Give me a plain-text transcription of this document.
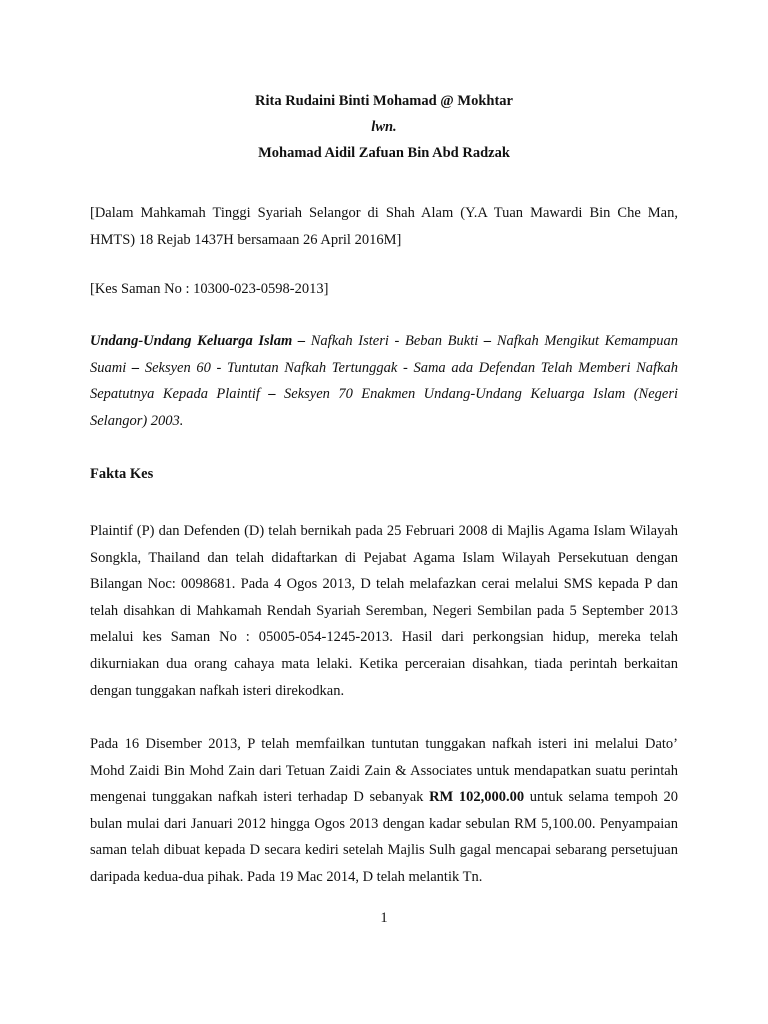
Rita Rudaini Binti Mohamad @ Mokhtar
lwn.
Mohamad Aidil Zafuan Bin Abd Radzak

[Dalam Mahkamah Tinggi Syariah Selangor di Shah Alam (Y.A Tuan Mawardi Bin Che Man, HMTS) 18 Rejab 1437H bersamaan 26 April 2016M]

[Kes Saman No : 10300-023-0598-2013]

Undang-Undang Keluarga Islam – Nafkah Isteri - Beban Bukti – Nafkah Mengikut Kemampuan Suami – Seksyen 60 - Tuntutan Nafkah Tertunggak - Sama ada Defendan Telah Memberi Nafkah Sepatutnya Kepada Plaintif – Seksyen 70 Enakmen Undang-Undang Keluarga Islam (Negeri Selangor) 2003.

Fakta Kes

Plaintif (P) dan Defenden (D) telah bernikah pada 25 Februari 2008 di Majlis Agama Islam Wilayah Songkla, Thailand dan telah didaftarkan di Pejabat Agama Islam Wilayah Persekutuan dengan Bilangan Noc: 0098681. Pada 4 Ogos 2013, D telah melafazkan cerai melalui SMS kepada P dan telah disahkan di Mahkamah Rendah Syariah Seremban, Negeri Sembilan pada 5 September 2013 melalui kes Saman No : 05005-054-1245-2013. Hasil dari perkongsian hidup, mereka telah dikurniakan dua orang cahaya mata lelaki. Ketika perceraian disahkan, tiada perintah berkaitan dengan tunggakan nafkah isteri direkodkan.

Pada 16 Disember 2013, P telah memfailkan tuntutan tunggakan nafkah isteri ini melalui Dato’ Mohd Zaidi Bin Mohd Zain dari Tetuan Zaidi Zain & Associates untuk mendapatkan suatu perintah mengenai tunggakan nafkah isteri terhadap D sebanyak RM 102,000.00 untuk selama tempoh 20 bulan mulai dari Januari 2012 hingga Ogos 2013 dengan kadar sebulan RM 5,100.00. Penyampaian saman telah dibuat kepada D secara kediri setelah Majlis Sulh gagal mencapai sebarang persetujuan daripada kedua-dua pihak. Pada 19 Mac 2014, D telah melantik Tn.

1
